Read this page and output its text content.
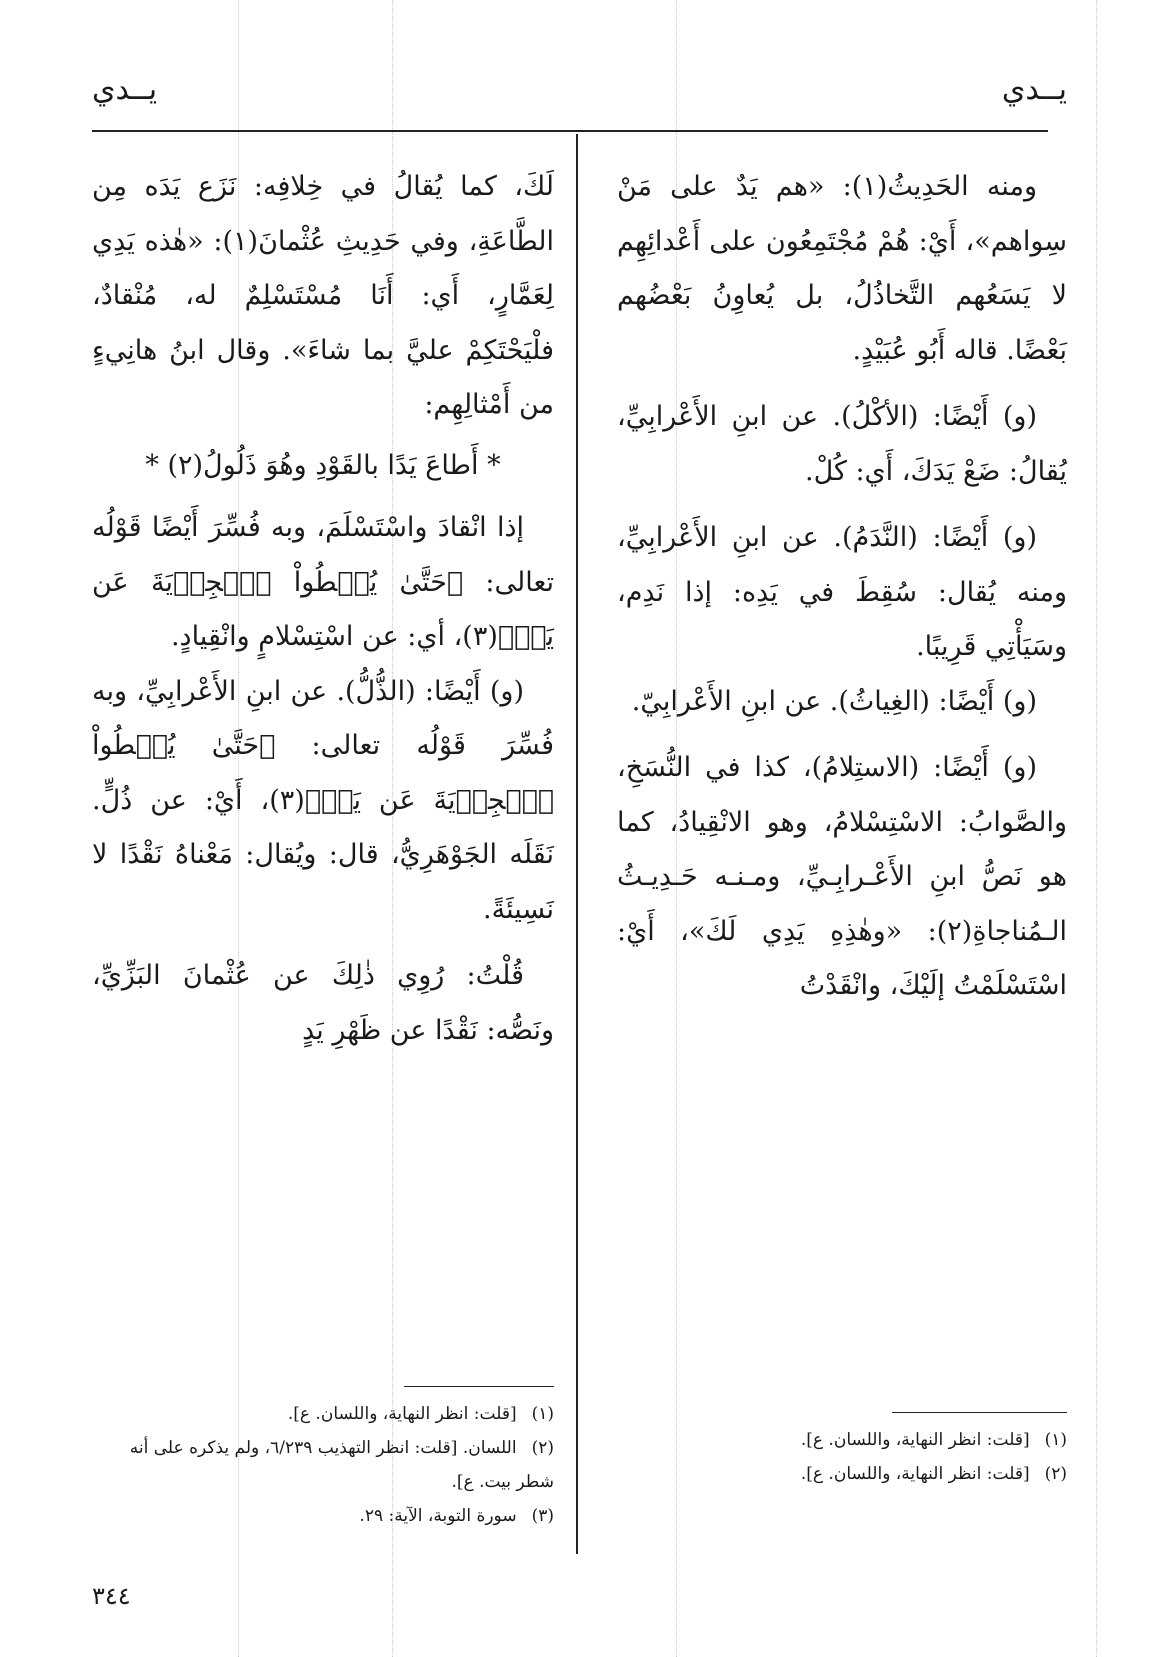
يــدي
يــدي

ومنه الحَدِيثُ(١): «هم يَدٌ على مَنْ سِواهم»، أَيْ: هُمْ مُجْتَمِعُون على أَعْدائِهِم لا يَسَعُهم التَّخاذُلُ، بل يُعاوِنُ بَعْضُهم بَعْضًا. قاله أَبُو عُبَيْدٍ.

(و) أَيْضًا: (الأكْلُ). عن ابنِ الأَعْرابِيِّ، يُقالُ: ضَعْ يَدَكَ، أَي: كُلْ.

(و) أَيْضًا: (النَّدَمُ). عن ابنِ الأَعْرابِيِّ، ومنه يُقال: سُقِطَ في يَدِه: إذا نَدِم، وسَيَأْتِي قَرِيبًا.

(و) أَيْضًا: (الغِياثُ). عن ابنِ الأَعْرابِيّ.

(و) أَيْضًا: (الاستِلامُ)، كذا في النُّسَخِ، والصَّوابُ: الاسْتِسْلامُ، وهو الانْقِيادُ، كما هو نَصُّ ابنِ الأَعْـرابِـيِّ، ومـنـه حَـدِيـثُ الـمُناجاةِ(٢): «وهٰذِهِ يَدِي لَكَ»، أَيْ: اسْتَسْلَمْتُ إلَيْكَ، وانْقَدْتُ

(١) [قلت: انظر النهاية، واللسان. ع].

(٢) [قلت: انظر النهاية، واللسان. ع].

لَكَ، كما يُقالُ في خِلافِه: نَزَع يَدَه مِن الطَّاعَةِ، وفي حَدِيثِ عُثْمانَ(١): «هٰذه يَدِي لِعَمَّارٍ، أَي: أَنَا مُسْتَسْلِمٌ له، مُنْقادٌ، فلْيَحْتَكِمْ عليَّ بما شاءَ». وقال ابنُ هانِيءٍ من أَمْثالِهِم:

* أَطاعَ يَدًا بالقَوْدِ وهُوَ ذَلُولُ(٢) *

إذا انْقادَ واسْتَسْلَمَ، وبه فُسِّرَ أَيْضًا قَوْلُه تعالى: ﴿حَتَّىٰ يُعۡطُواْ ٱلۡجِزۡيَةَ عَن يَدٖ﴾(٣)، أي: عن اسْتِسْلامٍ وانْقِيادٍ.

(و) أَيْضًا: (الذُّلُّ). عن ابنِ الأَعْرابِيِّ، وبه فُسِّرَ قَوْلُه تعالى: ﴿حَتَّىٰ يُعۡطُواْ ٱلۡجِزۡيَةَ عَن يَدٖ﴾(٣)، أَيْ: عن ذُلٍّ. نَقَلَه الجَوْهَرِيُّ، قال: ويُقال: مَعْناهُ نَقْدًا لا نَسِيئَةً.

قُلْتُ: رُوِي ذٰلِكَ عن عُثْمانَ البَزِّيِّ، ونَصُّه: نَقْدًا عن ظَهْرِ يَدٍ

(١) [قلت: انظر النهاية، واللسان. ع].

(٢) اللسان. [قلت: انظر التهذيب ٦/٢٣٩، ولم يذكره على أنه شطر بيت. ع].

(٣) سورة التوبة، الآية: ٢٩.

٣٤٤
